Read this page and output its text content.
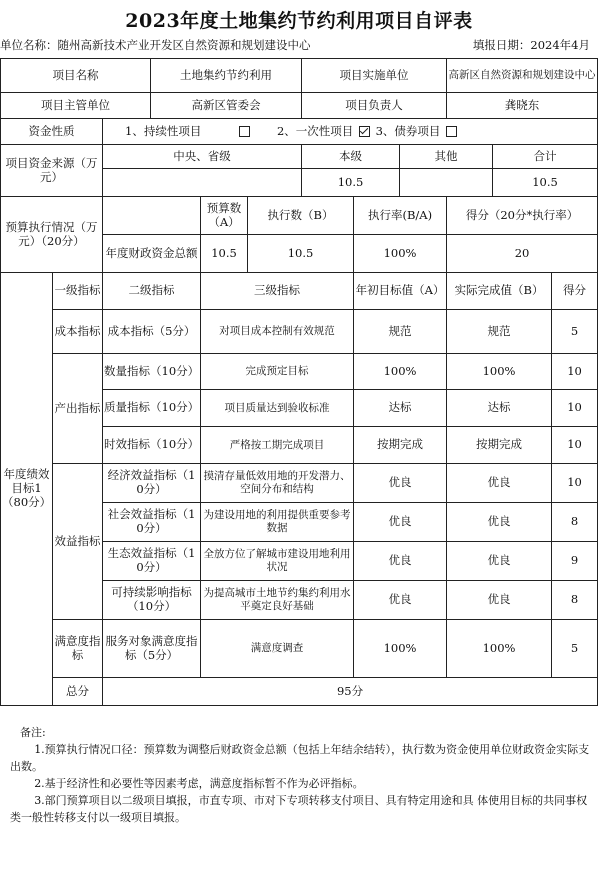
2023年度土地集约节约利用项目自评表
单位名称：随州高新技术产业开发区自然资源和规划建设中心	填报日期：2024年4月
项目名称			土地集约节约利用			项目实施单位			高新区自然资源和规划建设中心		
项目主管单位			高新区管委会			项目负责人			龚晓东		
资金性质		1、持续性项目 2、一次性项目 3、债券项目									
项目资金来源（万元）		中央、省级				本级		其他		合计	
						10.5				10.5	
预算执行情况（万元）（20分）				预算数（A）	执行数（B）		执行率(B/A)		得分（20分*执行率）		
		年度财政资金总额		10.5	10.5		100%		20		
年度绩效目标1（80分）	一级指标	二级指标		三级指标			年初目标值（A）		实际完成值（B）		得分
	成本指标	成本指标（5分）		对项目成本控制有效规范			规范		规范		5
	产出指标	数量指标（10分）		完成预定目标			100%		100%		10
		质量指标（10分）		项目质量达到验收标准			达标		达标		10
		时效指标（10分）		严格按工期完成项目			按期完成		按期完成		10
	效益指标	经济效益指标（10分）		摸清存量低效用地的开发潜力、空间分布和结构			优良		优良		10
		社会效益指标（10分）		为建设用地的利用提供重要参考数据			优良		优良		8
		生态效益指标（10分）		全放方位了解城市建设用地利用状况			优良		优良		9
		可持续影响指标（10分）		为提高城市土地节约集约利用水平奠定良好基础			优良		优良		8
	满意度指标	服务对象满意度指标（5分）		满意度调查			100%		100%		5
	总分	95分									

备注:

1.预算执行情况口径：预算数为调整后财政资金总额（包括上年结余结转），执行数为资金使用单位财政资金实际支出数。

2.基于经济性和必要性等因素考虑，满意度指标暂不作为必评指标。

3.部门预算项目以二级项目填报，市直专项、市对下专项转移支付项目、具有特定用途和具 体使用目标的共同事权类一般性转移支付以一级项目填报。
